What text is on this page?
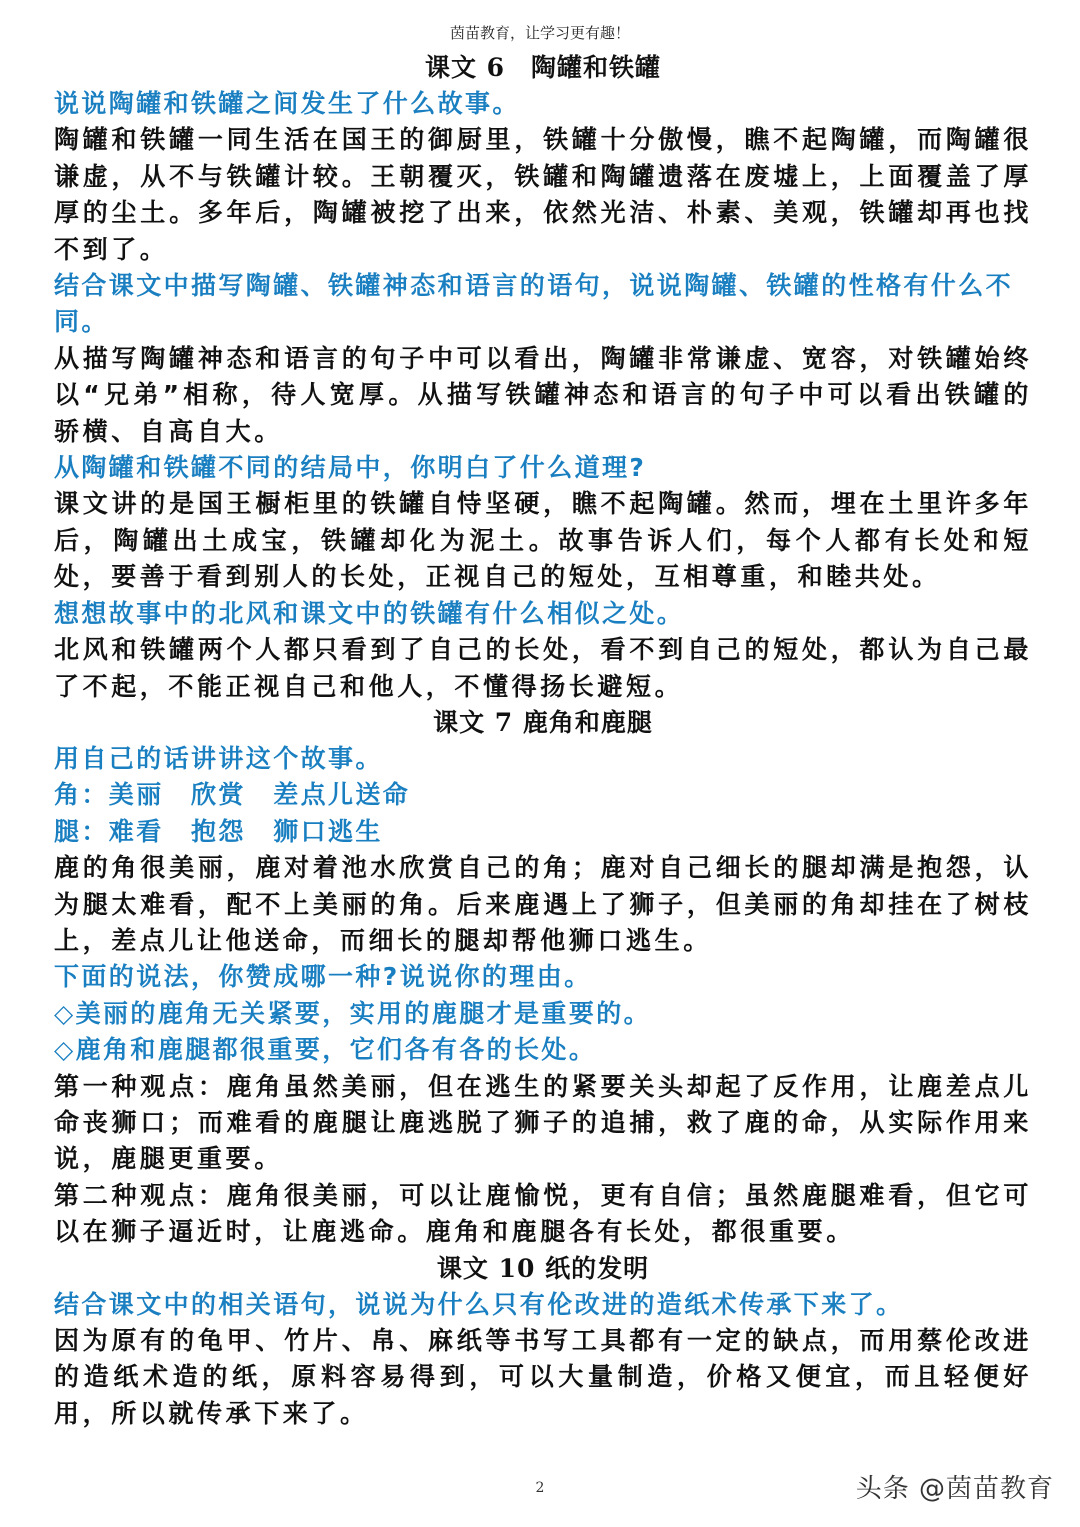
茵苗教育，让学习更有趣！
课文 6　陶罐和铁罐
说说陶罐和铁罐之间发生了什么故事。
陶罐和铁罐一同生活在国王的御厨里，铁罐十分傲慢，瞧不起陶罐，而陶罐很谦虚，从不与铁罐计较。王朝覆灭，铁罐和陶罐遗落在废墟上，上面覆盖了厚厚的尘土。多年后，陶罐被挖了出来，依然光洁、朴素、美观，铁罐却再也找不到了。
结合课文中描写陶罐、铁罐神态和语言的语句，说说陶罐、铁罐的性格有什么不同。
从描写陶罐神态和语言的句子中可以看出，陶罐非常谦虚、宽容，对铁罐始终以“兄弟”相称，待人宽厚。从描写铁罐神态和语言的句子中可以看出铁罐的骄横、自高自大。
从陶罐和铁罐不同的结局中，你明白了什么道理?
课文讲的是国王橱柜里的铁罐自恃坚硬，瞧不起陶罐。然而，埋在土里许多年后，陶罐出土成宝，铁罐却化为泥土。故事告诉人们，每个人都有长处和短处，要善于看到别人的长处，正视自己的短处，互相尊重，和睦共处。
想想故事中的北风和课文中的铁罐有什么相似之处。
北风和铁罐两个人都只看到了自己的长处，看不到自己的短处，都认为自己最了不起，不能正视自己和他人，不懂得扬长避短。
课文 7 鹿角和鹿腿
用自己的话讲讲这个故事。
角：美丽　欣赏　差点儿送命
腿：难看　抱怨　狮口逃生
鹿的角很美丽，鹿对着池水欣赏自己的角；鹿对自己细长的腿却满是抱怨，认为腿太难看，配不上美丽的角。后来鹿遇上了狮子，但美丽的角却挂在了树枝上，差点儿让他送命，而细长的腿却帮他狮口逃生。
下面的说法，你赞成哪一种?说说你的理由。
◇美丽的鹿角无关紧要，实用的鹿腿才是重要的。
◇鹿角和鹿腿都很重要，它们各有各的长处。
第一种观点：鹿角虽然美丽，但在逃生的紧要关头却起了反作用，让鹿差点儿命丧狮口；而难看的鹿腿让鹿逃脱了狮子的追捕，救了鹿的命，从实际作用来说，鹿腿更重要。
第二种观点：鹿角很美丽，可以让鹿愉悦，更有自信；虽然鹿腿难看，但它可以在狮子逼近时，让鹿逃命。鹿角和鹿腿各有长处，都很重要。
课文 10 纸的发明
结合课文中的相关语句，说说为什么只有伦改进的造纸术传承下来了。
因为原有的龟甲、竹片、帛、麻纸等书写工具都有一定的缺点，而用蔡伦改进的造纸术造的纸，原料容易得到，可以大量制造，价格又便宜，而且轻便好用，所以就传承下来了。
2	头条 @茵苗教育
